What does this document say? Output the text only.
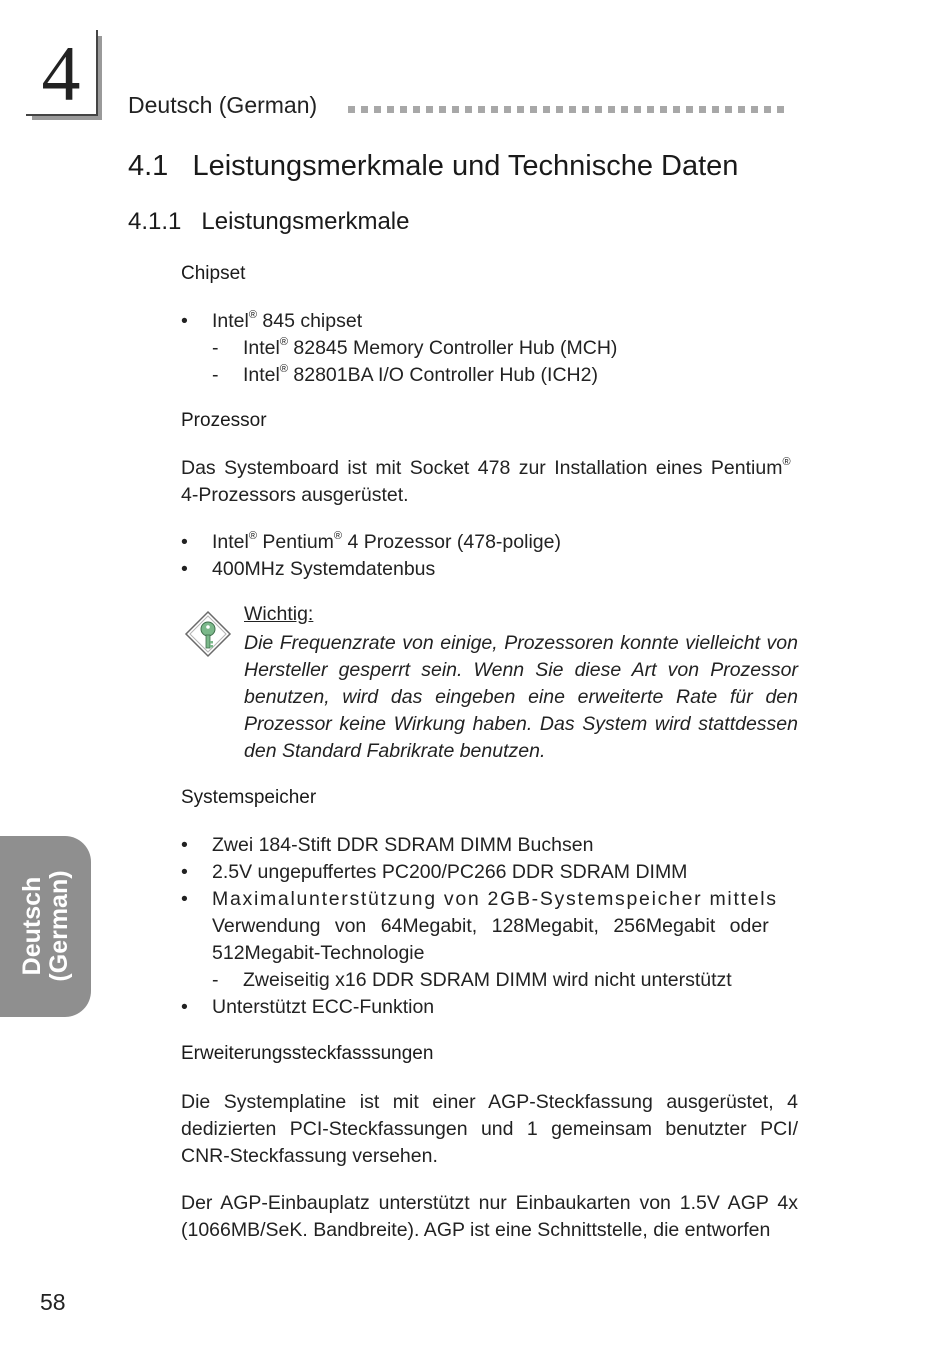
4	Deutsch (German)
4.1   Leistungsmerkmale und Technische Daten
4.1.1   Leistungsmerkmale
Chipset
• Intel® 845 chipset
- Intel® 82845 Memory Controller Hub (MCH)
- Intel® 82801BA I/O Controller Hub (ICH2)
Prozessor
Das Systemboard ist mit Socket 478 zur Installation eines Pentium®
4-Prozessors ausgerüstet.
• Intel® Pentium® 4 Prozessor (478-polige)
• 400MHz Systemdatenbus
Wichtig:
Die Frequenzrate von einige, Prozessoren konnte vielleicht von Hersteller gesperrt sein. Wenn Sie diese Art von Prozessor benutzen, wird das eingeben eine erweiterte Rate für den Prozessor keine Wirkung haben. Das System wird stattdessen den Standard Fabrikrate benutzen.
Systemspeicher
• Zwei 184-Stift DDR SDRAM DIMM Buchsen
• 2.5V ungepuffertes PC200/PC266 DDR SDRAM DIMM
• Maximalunterstützung von 2GB-Systemspeicher mittels
Verwendung von 64Megabit, 128Megabit, 256Megabit oder
512Megabit-Technologie
- Zweiseitig x16 DDR SDRAM DIMM wird nicht unterstützt
• Unterstützt ECC-Funktion
Erweiterungssteckfasssungen
Die Systemplatine ist mit einer AGP-Steckfassung ausgerüstet, 4 dedizierten PCI-Steckfassungen und 1 gemeinsam benutzter PCI/ CNR-Steckfassung versehen.
Der AGP-Einbauplatz unterstützt nur Einbaukarten von 1.5V AGP 4x (1066MB/SeK. Bandbreite). AGP ist eine Schnittstelle, die entworfen
Deutsch (German)
58
